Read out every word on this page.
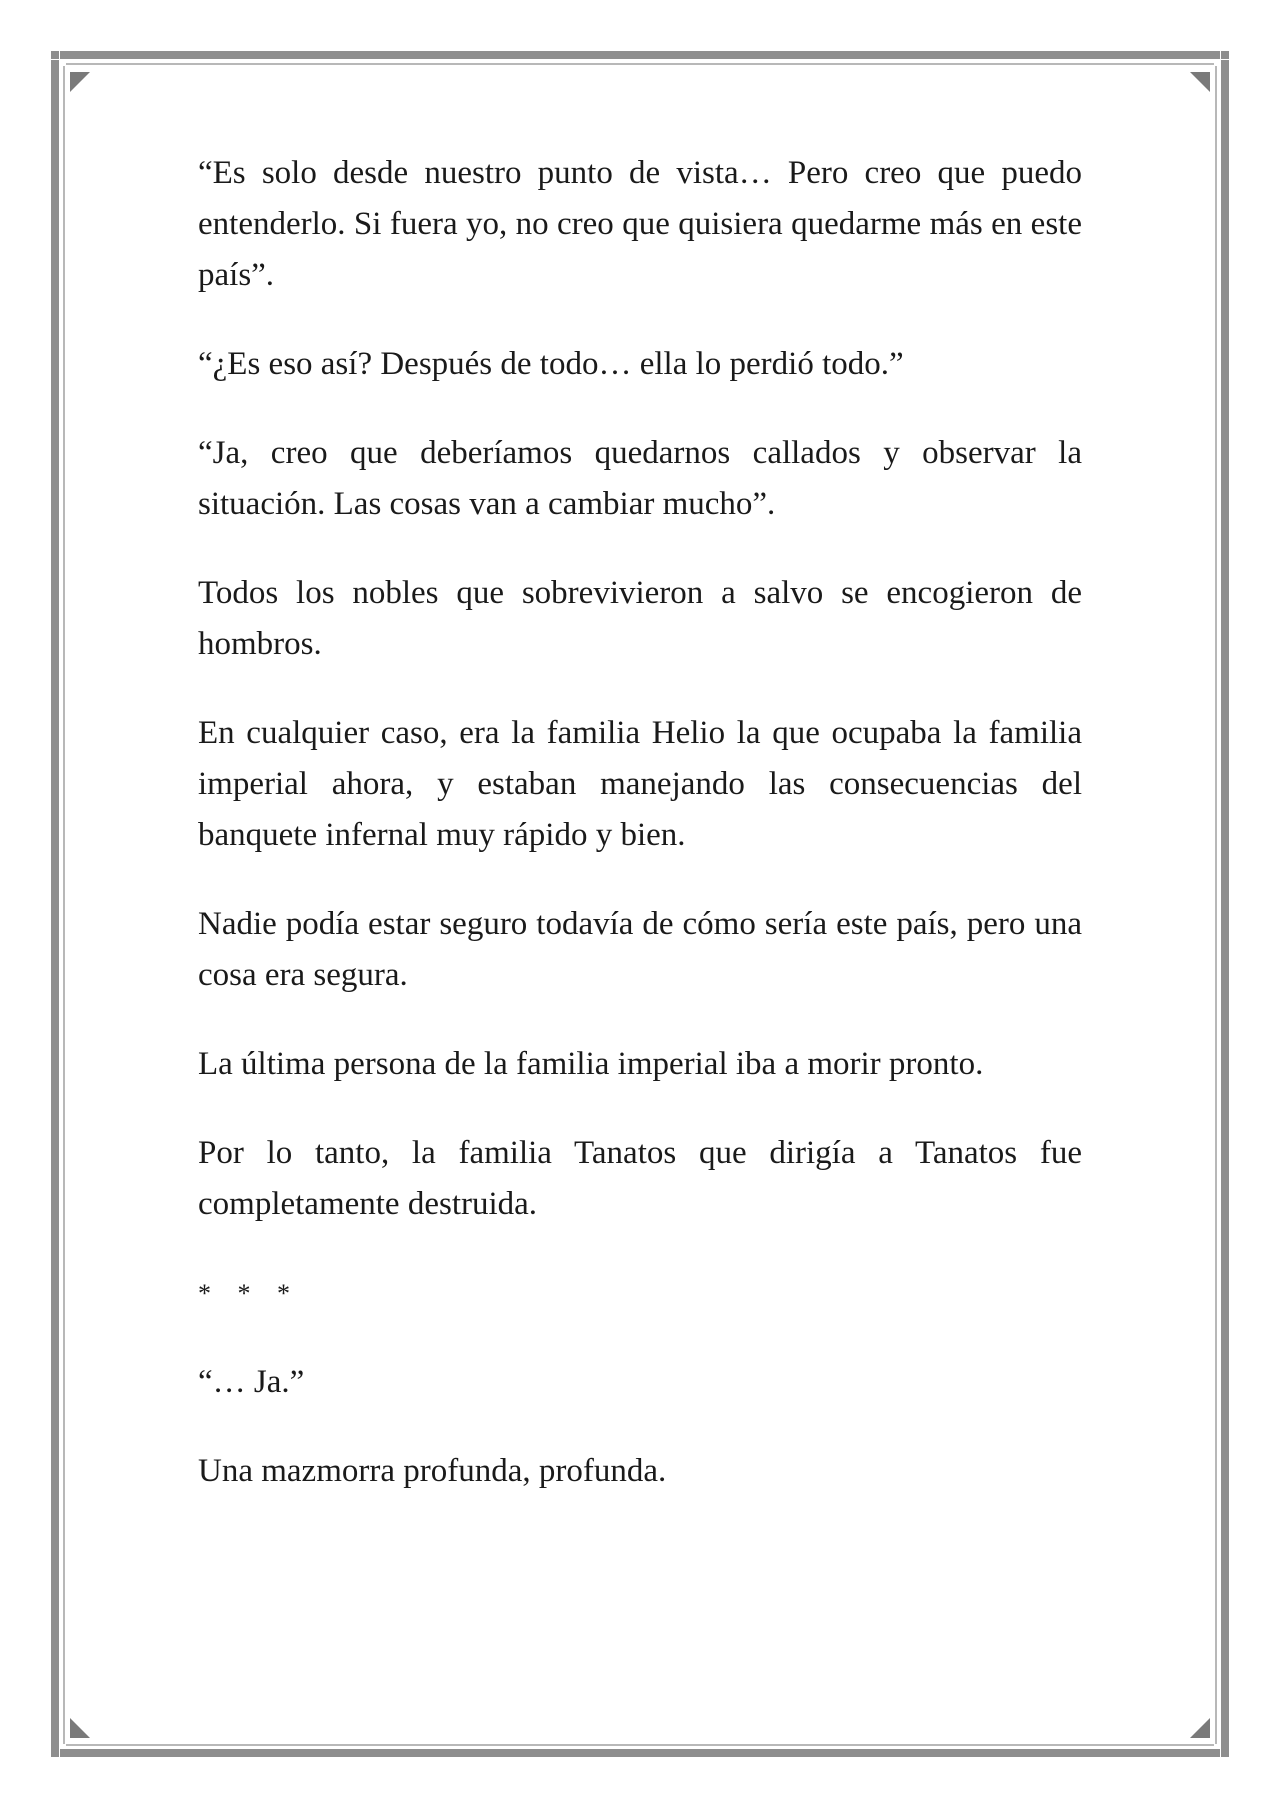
“Es solo desde nuestro punto de vista… Pero creo que puedo entenderlo. Si fuera yo, no creo que quisiera quedarme más en este país”.

“¿Es eso así? Después de todo… ella lo perdió todo.”

“Ja, creo que deberíamos quedarnos callados y observar la situación. Las cosas van a cambiar mucho”.

Todos los nobles que sobrevivieron a salvo se encogieron de hombros.

En cualquier caso, era la familia Helio la que ocupaba la familia imperial ahora, y estaban manejando las consecuencias del banquete infernal muy rápido y bien.

Nadie podía estar seguro todavía de cómo sería este país, pero una cosa era segura.

La última persona de la familia imperial iba a morir pronto.

Por lo tanto, la familia Tanatos que dirigía a Tanatos fue completamente destruida.

* * *

“… Ja.”

Una mazmorra profunda, profunda.
